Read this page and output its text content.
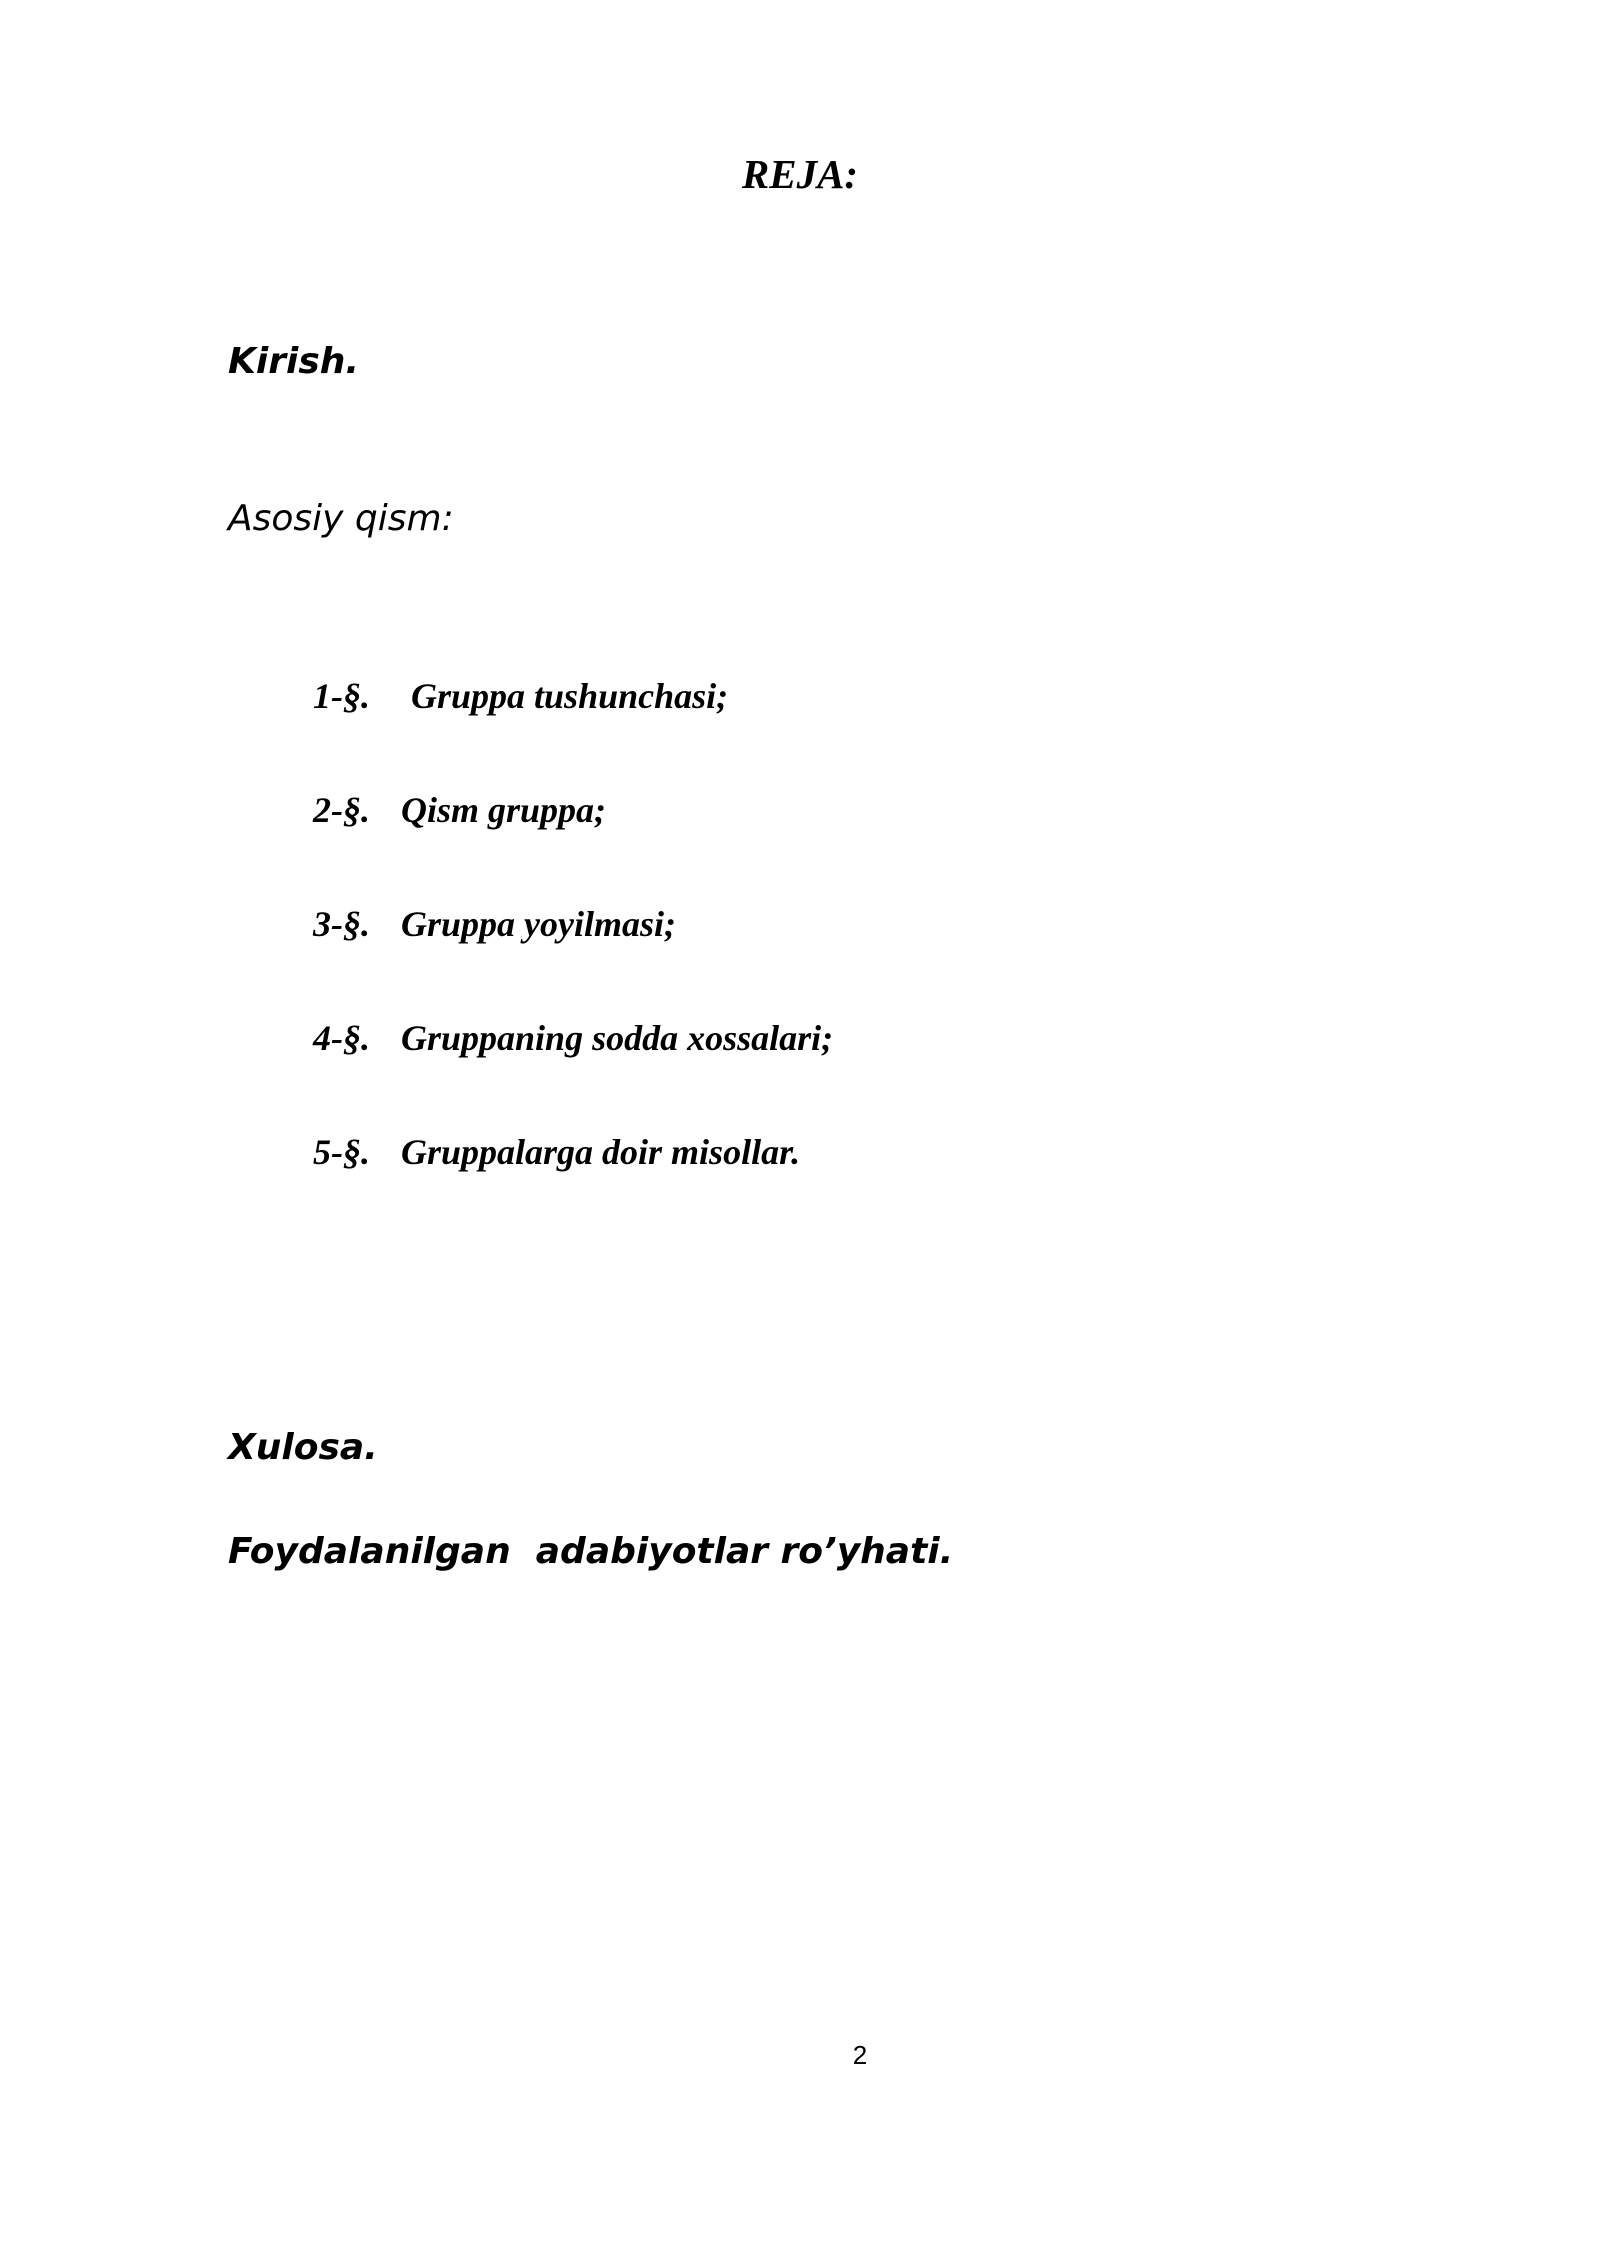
REJA:
Kirish.
Asosiy qism:

1-§. Gruppa tushunchasi;

2-§. Qism gruppa;

3-§. Gruppa yoyilmasi;

4-§. Gruppaning sodda xossalari;

5-§. Gruppalarga doir misollar.

Xulosa.
Foydalanilgan  adabiyotlar ro’yhati.
2
